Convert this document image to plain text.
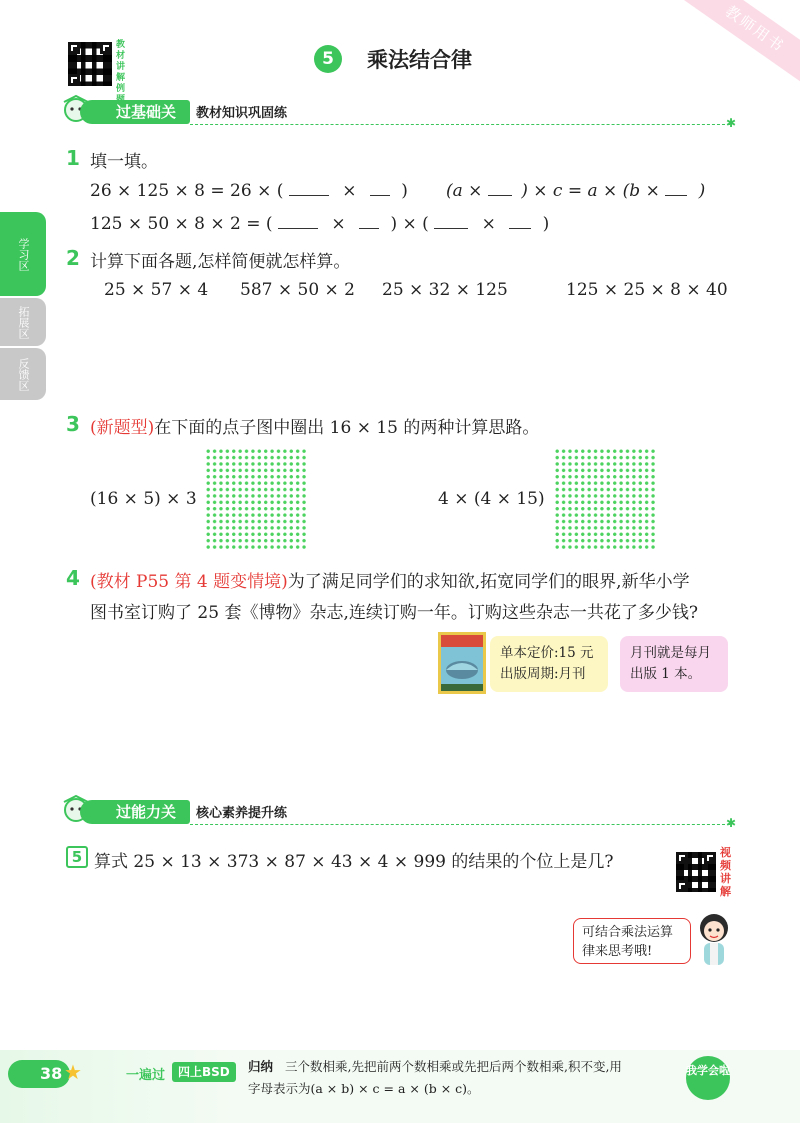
教师用书
教材讲解例
5	乘法结合律
学习区
拓展区
反馈区
过基础关	教材知识巩固练
✱
1 填一填。
26 × 125 × 8 = 26 × (	×	) (a × ) × c = a × (b × )
125 × 50 × 8 × 2 = (	×	) × (	×	)
2 计算下面各题,怎样简便就怎样算。
25 × 57 × 4 587 × 50 × 2 25 × 32 × 125	125 × 25 × 8 × 40
3 (新题型)在下面的点子图中圈出 16 × 15 的两种计算思路。
(16 × 5) × 3	4 × (4 × 15)
4 (教材 P55 第 4 题变情境)为了满足同学们的求知欲,拓宽同学们的眼界,新华小学
图书室订购了 25 套《博物》杂志,连续订购一年。订购这些杂志一共花了多少钱?
单本定价:15 元
出版周期:月刊
月刊就是每月
出版 1 本。
过能力关	核心素养提升练
✱
5 算式 25 × 13 × 373 × 87 × 43 × 4 × 999 的结果的个位上是几?	视频讲解
可结合乘法运算
律来思考哦!
38 ★	一遍过	四上BSD	归纳 三个数相乘,先把前两个数相乘或先把后两个数相乘,积不变,用
字母表示为(a × b) × c = a × (b × c)。
我学会啦
